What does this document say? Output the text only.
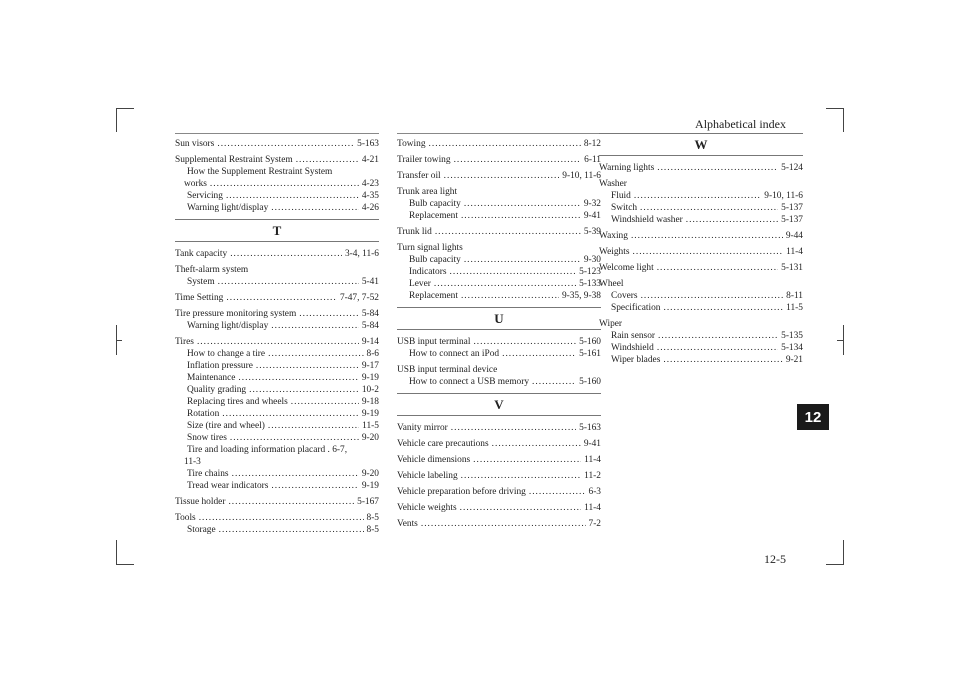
Alphabetical index
12
12-5
Sun visors .....	5-163
Supplemental Restraint System .....	4-21
How the Supplement Restraint System
works .....	4-23
Servicing .....	4-35
Warning light/display .....	4-26
T
Tank capacity .....	3-4, 11-6
Theft-alarm system
System .....	5-41
Time Setting .....	7-47, 7-52
Tire pressure monitoring system .....	5-84
Warning light/display .....	5-84
Tires .....	9-14
How to change a tire .....	8-6
Inflation pressure .....	9-17
Maintenance .....	9-19
Quality grading .....	10-2
Replacing tires and wheels .....	9-18
Rotation .....	9-19
Size (tire and wheel) .....	11-5
Snow tires .....	9-20
Tire and loading information placard . 6-7,
11-3
Tire chains .....	9-20
Tread wear indicators .....	9-19
Tissue holder .....	5-167
Tools .....	8-5
Storage .....	8-5
Towing .....	8-12
Trailer towing .....	6-11
Transfer oil .....	9-10, 11-6
Trunk area light
Bulb capacity .....	9-32
Replacement .....	9-41
Trunk lid .....	5-39
Turn signal lights
Bulb capacity .....	9-30
Indicators .....	5-123
Lever .....	5-133
Replacement .....	9-35, 9-38
U
USB input terminal .....	5-160
How to connect an iPod .....	5-161
USB input terminal device
How to connect a USB memory .....	5-160
V
Vanity mirror .....	5-163
Vehicle care precautions .....	9-41
Vehicle dimensions .....	11-4
Vehicle labeling .....	11-2
Vehicle preparation before driving .....	6-3
Vehicle weights .....	11-4
Vents .....	7-2
W
Warning lights .....	5-124
Washer
Fluid .....	9-10, 11-6
Switch .....	5-137
Windshield washer .....	5-137
Waxing .....	9-44
Weights .....	11-4
Welcome light .....	5-131
Wheel
Covers .....	8-11
Specification .....	11-5
Wiper
Rain sensor .....	5-135
Windshield .....	5-134
Wiper blades .....	9-21
